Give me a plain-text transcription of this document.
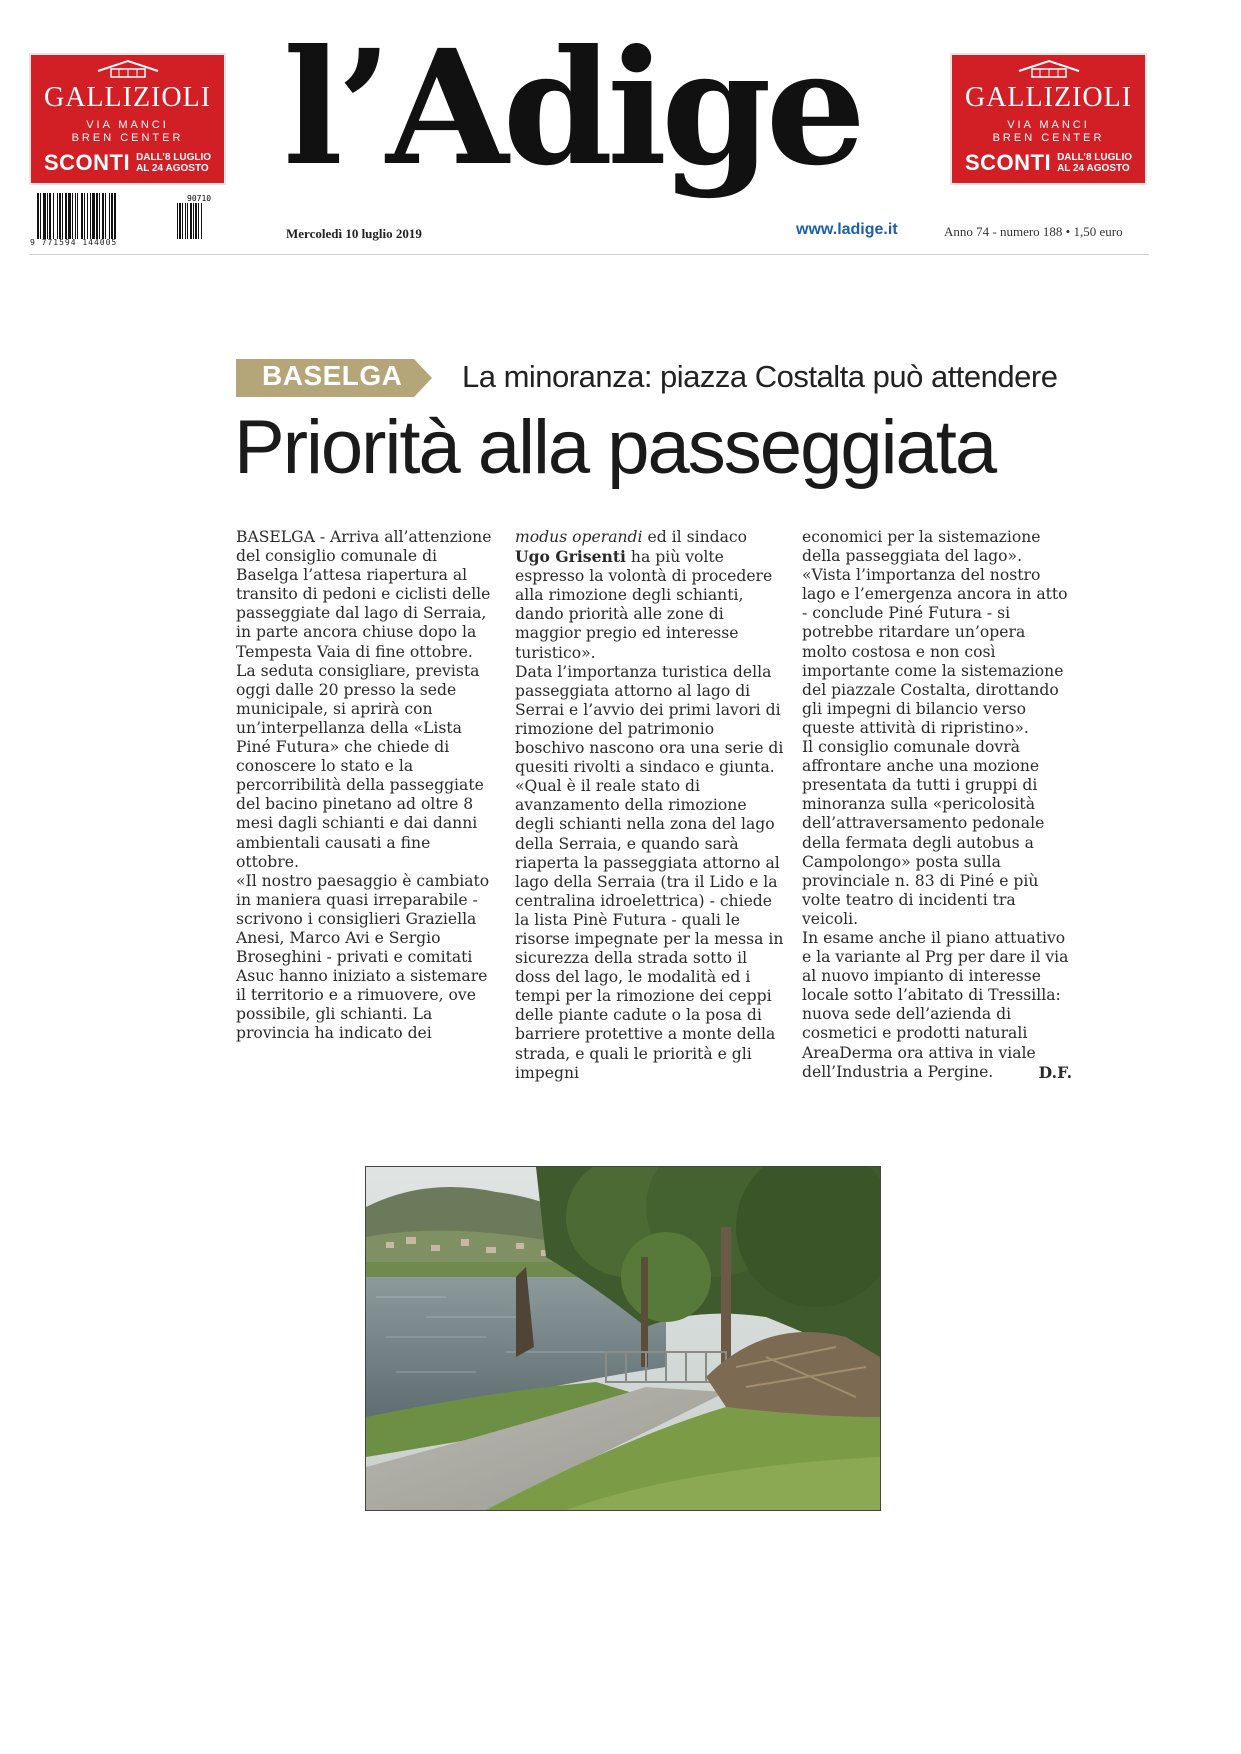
GALLIZIOLI
VIA MANCI
BREN CENTER
SCONTI DALL’8 LUGLIO
AL 24 AGOSTO
90710
9 771594 144005
l’Adige
Mercoledì 10 luglio 2019	www.ladige.it	Anno 74 - numero 188 • 1,50 euro
GALLIZIOLI
VIA MANCI
BREN CENTER
SCONTI DALL’8 LUGLIO
AL 24 AGOSTO
BASELGA La minoranza: piazza Costalta può attendere
Priorità alla passeggiata

BASELGA - Arriva all’attenzione del consiglio comunale di Baselga l’attesa riapertura al transito di pedoni e ciclisti delle passeggiate dal lago di Serraia, in parte ancora chiuse dopo la Tempesta Vaia di fine ottobre.

La seduta consigliare, prevista oggi dalle 20 presso la sede municipale, si aprirà con un’interpellanza della «Lista Piné Futura» che chiede di conoscere lo stato e la percorribilità della passeggiate del bacino pinetano ad oltre 8 mesi dagli schianti e dai danni ambientali causati a fine ottobre.

«Il nostro paesaggio è cambiato in maniera quasi irreparabile - scrivono i consiglieri Graziella Anesi, Marco Avi e Sergio Broseghini - privati e comitati Asuc hanno iniziato a sistemare il territorio e a rimuovere, ove possibile, gli schianti. La provincia ha indicato dei

modus operandi ed il sindaco Ugo Grisenti ha più volte espresso la volontà di procedere alla rimozione degli schianti, dando priorità alle zone di maggior pregio ed interesse turistico».

Data l’importanza turistica della passeggiata attorno al lago di Serrai e l’avvio dei primi lavori di rimozione del patrimonio boschivo nascono ora una serie di quesiti rivolti a sindaco e giunta. «Qual è il reale stato di avanzamento della rimozione degli schianti nella zona del lago della Serraia, e quando sarà riaperta la passeggiata attorno al lago della Serraia (tra il Lido e la centralina idroelettrica) - chiede la lista Pinè Futura - quali le risorse impegnate per la messa in sicurezza della strada sotto il doss del lago, le modalità ed i tempi per la rimozione dei ceppi delle piante cadute o la posa di barriere protettive a monte della strada, e quali le priorità e gli impegni

economici per la sistemazione della passeggiata del lago».

«Vista l’importanza del nostro lago e l’emergenza ancora in atto - conclude Piné Futura - si potrebbe ritardare un’opera molto costosa e non così importante come la sistemazione del piazzale Costalta, dirottando gli impegni di bilancio verso queste attività di ripristino».

Il consiglio comunale dovrà affrontare anche una mozione presentata da tutti i gruppi di minoranza sulla «pericolosità dell’attraversamento pedonale della fermata degli autobus a Campolongo» posta sulla provinciale n. 83 di Piné e più volte teatro di incidenti tra veicoli.

In esame anche il piano attuativo e la variante al Prg per dare il via al nuovo impianto di interesse locale sotto l’abitato di Tressilla: nuova sede dell’azienda di cosmetici e prodotti naturali AreaDerma ora attiva in viale dell’Industria a Pergine.	D.F.
